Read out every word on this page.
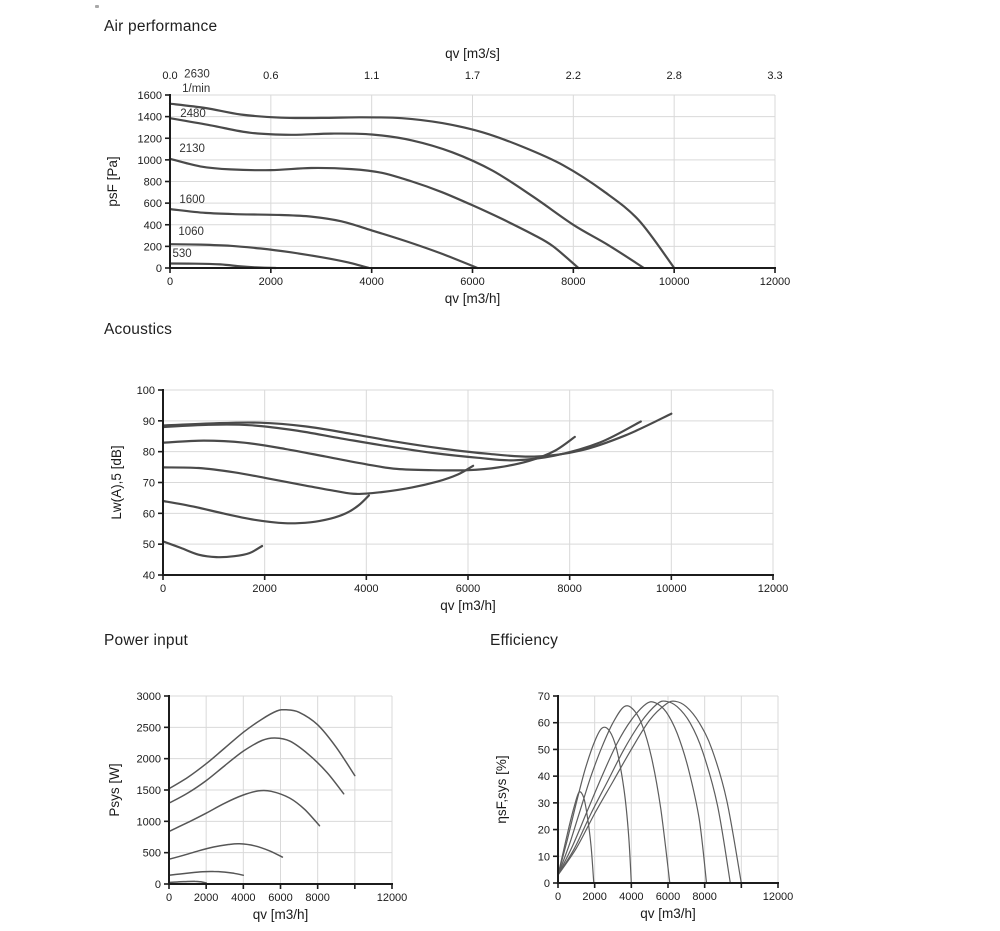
Air performance
0
200
400
600
800
1000
1200
1400
1600
0	2000	4000	6000	8000	10000	12000
0.0	0.6	1.1	1.7	2.2	2.8	3.3
qv [m3/s]
qv [m3/h]
psF [Pa]
2630
1/min
2480
2130
1600
1060
530
Acoustics
40
50
60
70
80
90
100
0	2000	4000	6000	8000	10000	12000
qv [m3/h]
Lw(A),5 [dB]
Power input
0
500
1000
1500
2000
2500
3000
0 2000 4000 6000 8000	12000
qv [m3/h]
Psys [W]
Efficiency
0
10
20
30
40
50
60
70
0 2000 4000 6000 8000	12000
qv [m3/h]
ηsF,sys [%]
